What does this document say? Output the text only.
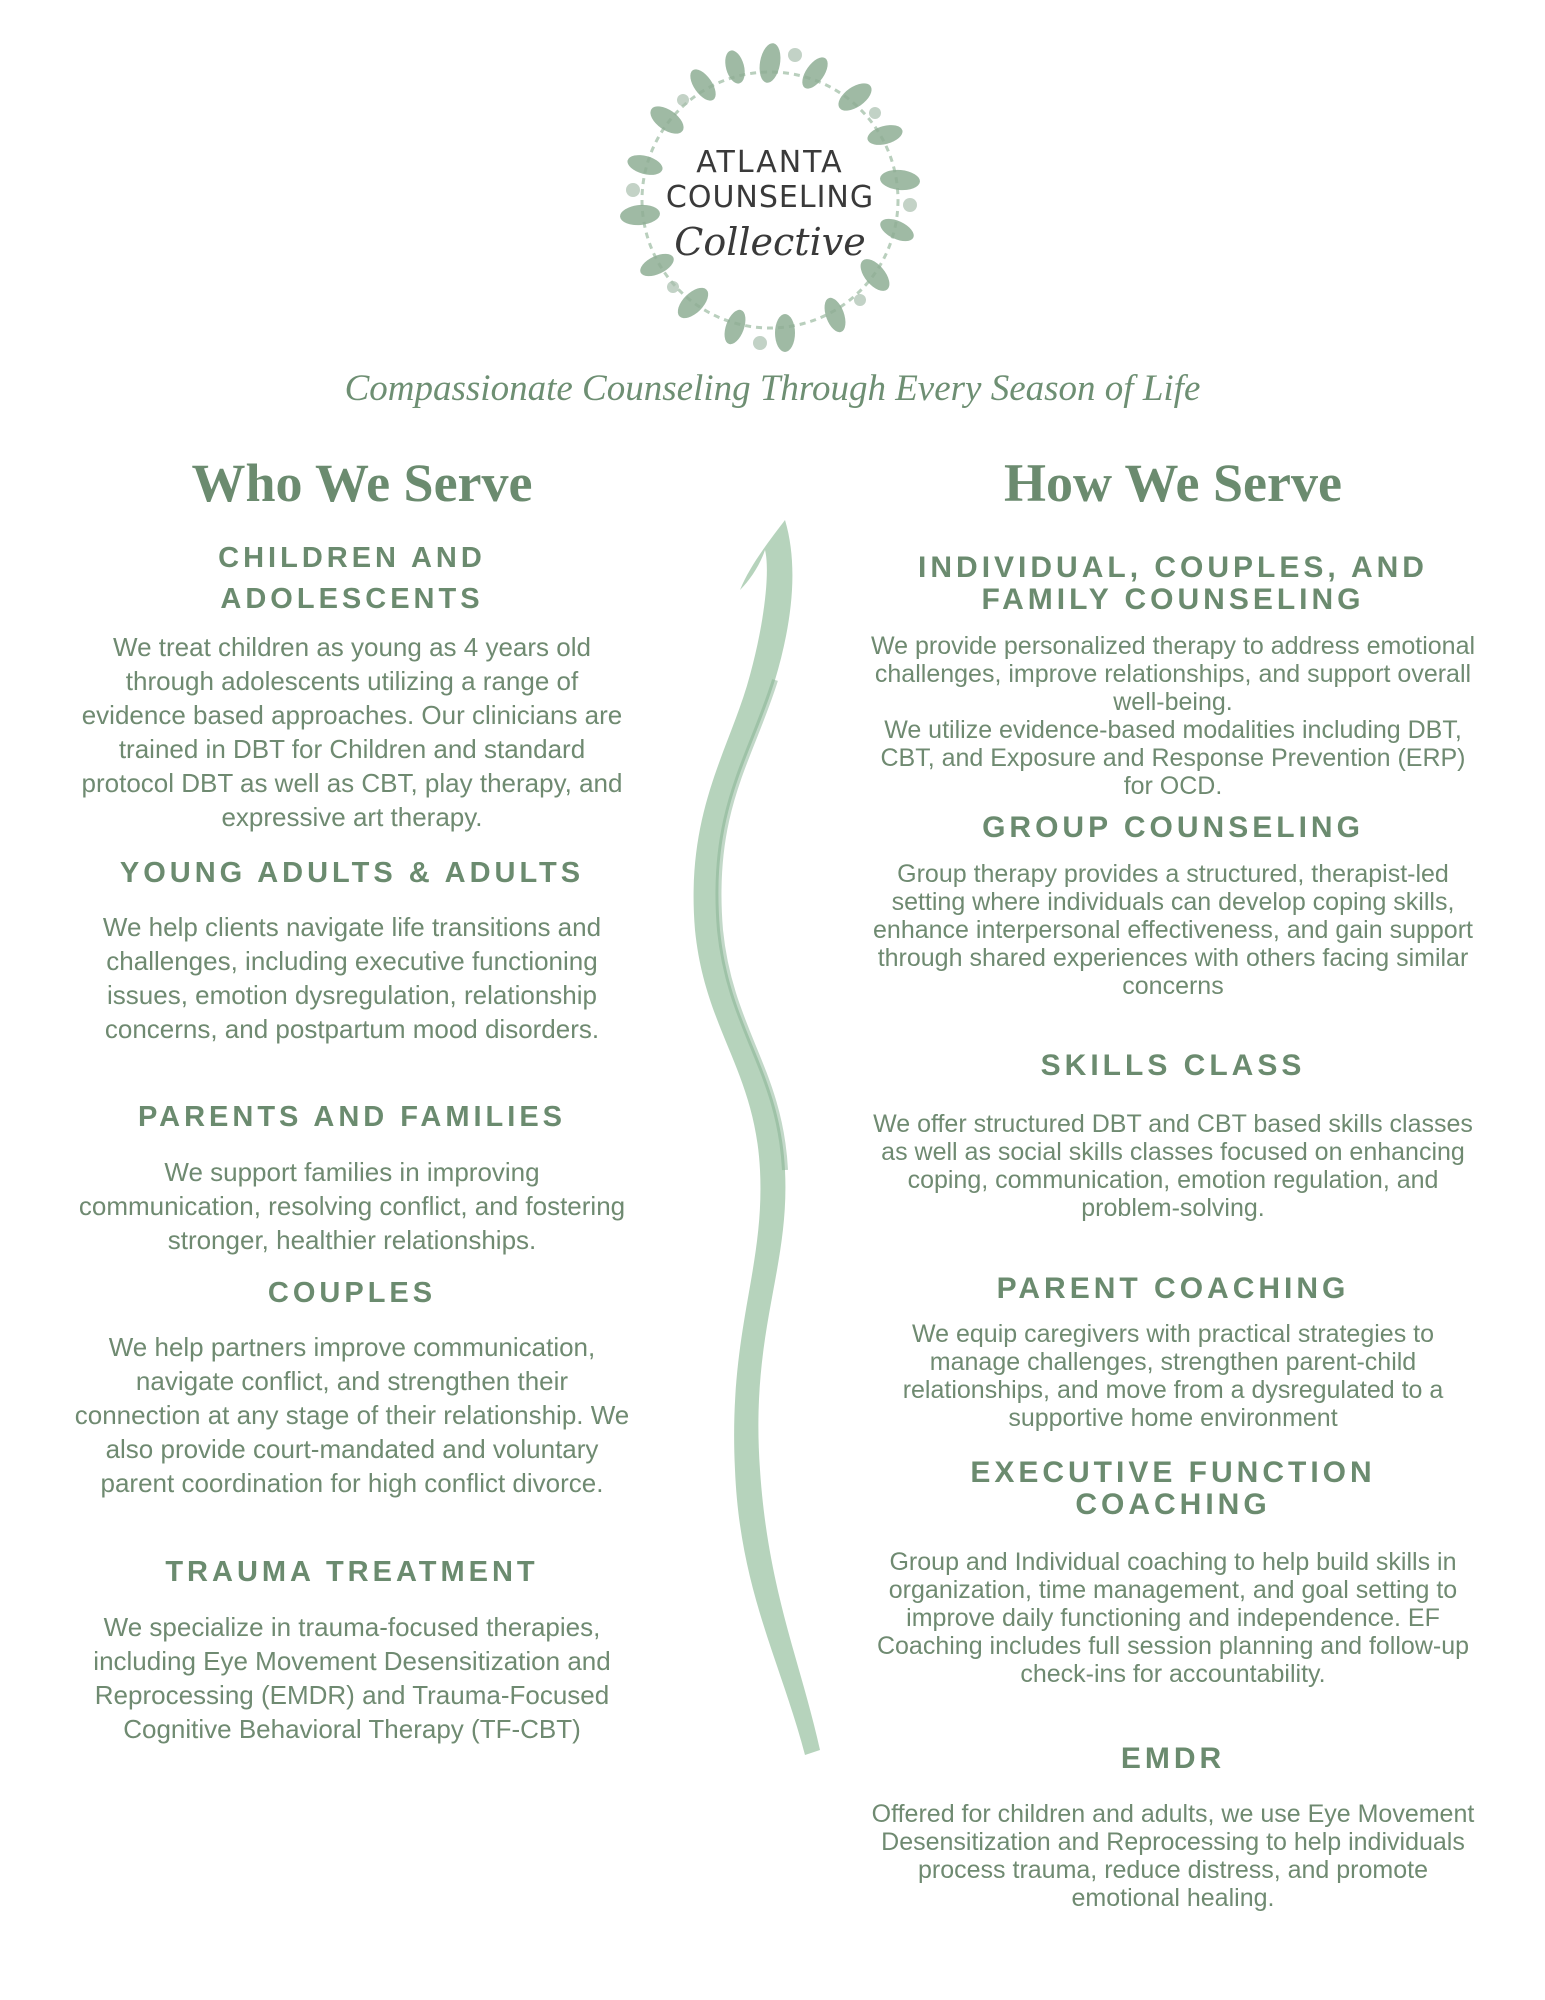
ATLANTA
COUNSELING
Collective
Compassionate Counseling Through Every Season of Life
Who We Serve	How We Serve
CHILDREN AND
ADOLESCENTS
We treat children as young as 4 years old through adolescents utilizing a range of evidence based approaches. Our clinicians are trained in DBT for Children and standard protocol DBT as well as CBT, play therapy, and expressive art therapy.
YOUNG ADULTS & ADULTS
We help clients navigate life transitions and challenges, including executive functioning issues, emotion dysregulation, relationship concerns, and postpartum mood disorders.
PARENTS AND FAMILIES
We support families in improving communication, resolving conflict, and fostering stronger, healthier relationships.
COUPLES
We help partners improve communication, navigate conflict, and strengthen their connection at any stage of their relationship. We also provide court-mandated and voluntary parent coordination for high conflict divorce.
TRAUMA TREATMENT
We specialize in trauma-focused therapies, including Eye Movement Desensitization and Reprocessing (EMDR) and Trauma-Focused Cognitive Behavioral Therapy (TF-CBT)
INDIVIDUAL, COUPLES, AND
FAMILY COUNSELING
We provide personalized therapy to address emotional challenges, improve relationships, and support overall well-being.
We utilize evidence-based modalities including DBT, CBT, and Exposure and Response Prevention (ERP) for OCD.
GROUP COUNSELING
Group therapy provides a structured, therapist-led setting where individuals can develop coping skills, enhance interpersonal effectiveness, and gain support through shared experiences with others facing similar concerns
SKILLS CLASS
We offer structured DBT and CBT based skills classes as well as social skills classes focused on enhancing coping, communication, emotion regulation, and problem-solving.
PARENT COACHING
We equip caregivers with practical strategies to manage challenges, strengthen parent-child relationships, and move from a dysregulated to a supportive home environment
EXECUTIVE FUNCTION
COACHING
Group and Individual coaching to help build skills in organization, time management, and goal setting to improve daily functioning and independence. EF Coaching includes full session planning and follow-up check-ins for accountability.
EMDR
Offered for children and adults, we use Eye Movement Desensitization and Reprocessing to help individuals process trauma, reduce distress, and promote emotional healing.
